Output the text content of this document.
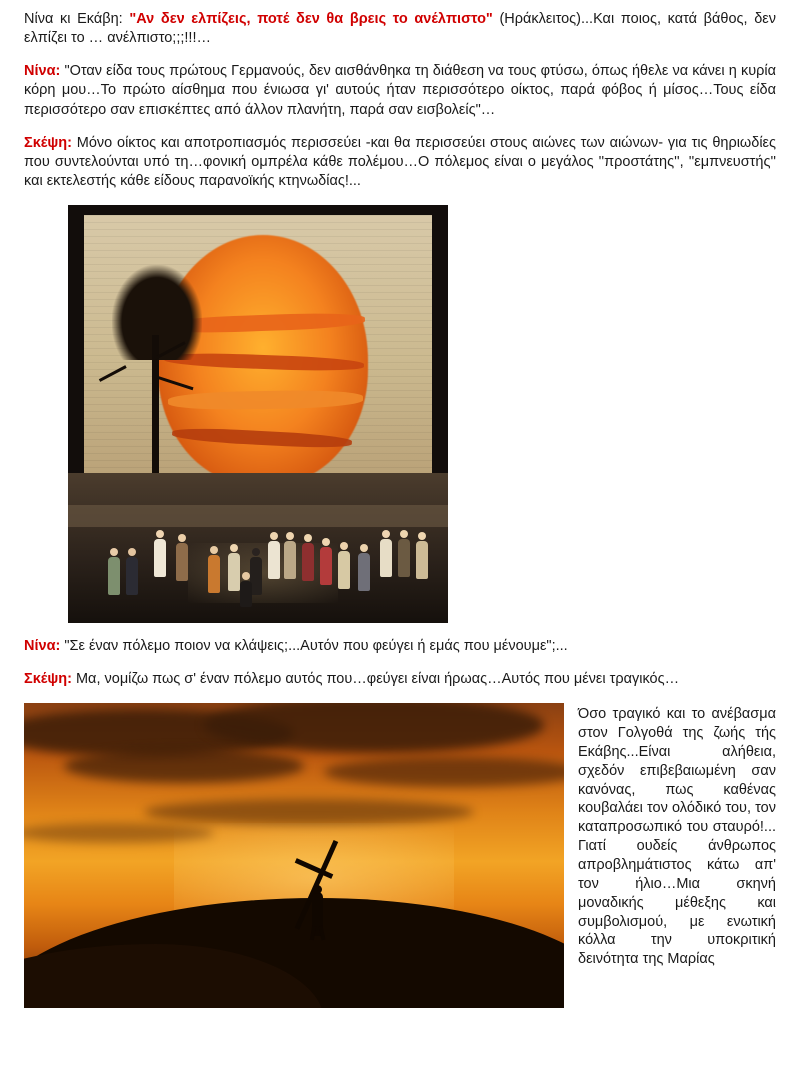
Νίνα κι Εκάβη: "Αν δεν ελπίζεις, ποτέ δεν θα βρεις το ανέλπιστο" (Ηράκλειτος)...Και ποιος, κατά βάθος, δεν ελπίζει το … ανέλπιστο;;;!!!…

Νίνα: "Οταν είδα τους πρώτους Γερμανούς, δεν αισθάνθηκα τη διάθεση να τους φτύσω, όπως ήθελε να κάνει η κυρία κόρη μου…Το πρώτο αίσθημα που ένιωσα γι' αυτούς ήταν περισσότερο οίκτος, παρά φόβος ή μίσος…Τους είδα περισσότερο σαν επισκέπτες από άλλον πλανήτη, παρά σαν εισβολείς"…

Σκέψη: Μόνο οίκτος και αποτροπιασμός περισσεύει -και θα περισσεύει στους αιώνες των αιώνων- για τις θηριωδίες που συντελούνται υπό τη…φονική ομπρέλα κάθε πολέμου…Ο πόλεμος είναι ο μεγάλος ''προστάτης'', ''εμπνευστής'' και εκτελεστής κάθε είδους παρανοϊκής κτηνωδίας!...

Νίνα: "Σε έναν πόλεμο ποιον να κλάψεις;...Αυτόν που φεύγει ή εμάς που μένουμε";...

Σκέψη: Μα, νομίζω πως σ' έναν πόλεμο αυτός που…φεύγει είναι ήρωας…Αυτός που μένει τραγικός…

Όσο τραγικό και το ανέβασμα στον Γολγοθά της ζωής τής Εκάβης...Είναι αλήθεια, σχεδόν επιβεβαιωμένη σαν κανόνας, πως καθένας κουβαλάει τον ολόδικό του, τον καταπροσωπικό του σταυρό!... Γιατί ουδείς άνθρωπος απροβλημάτιστος κάτω απ' τον ήλιο…Μια σκηνή μοναδικής μέθεξης και συμβολισμού, με ενωτική κόλλα την υποκριτική δεινότητα της Μαρίας
